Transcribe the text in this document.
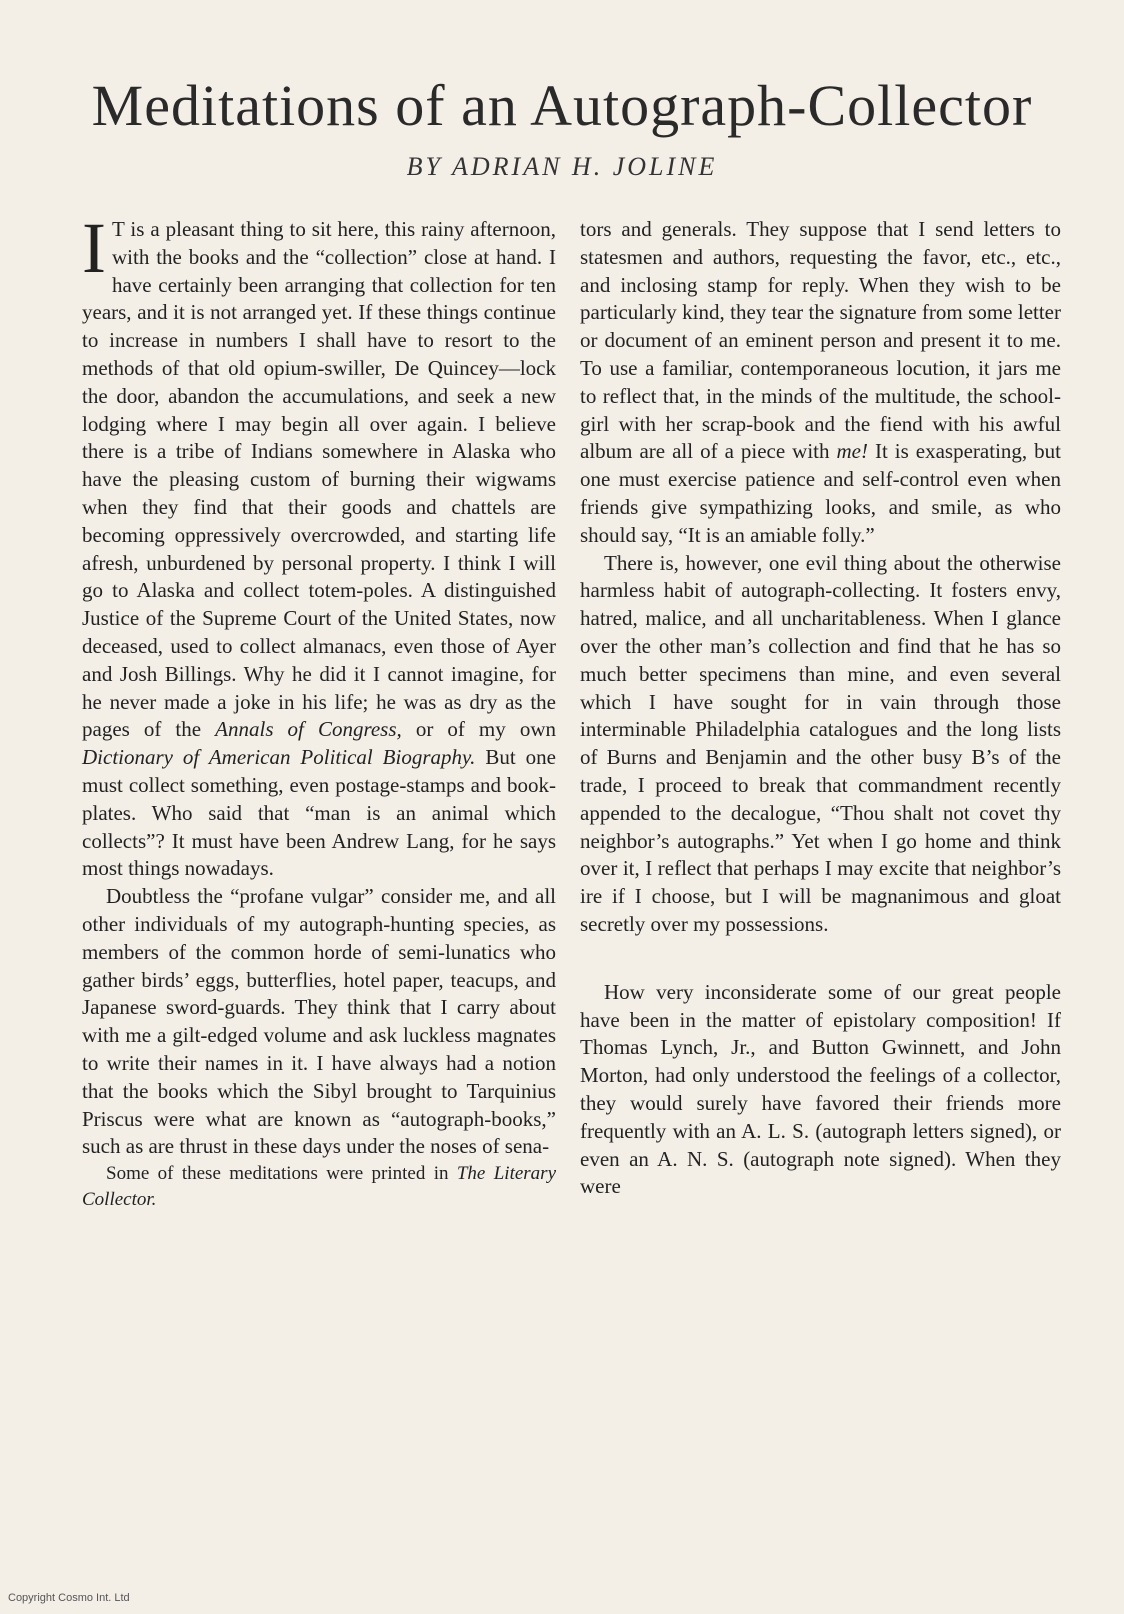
Meditations of an Autograph-Collector
BY ADRIAN H. JOLINE

I T is a pleasant thing to sit here, this rainy afternoon, with the books and the “collection” close at hand. I have certainly been arranging that collection for ten years, and it is not arranged yet. If these things continue to increase in numbers I shall have to resort to the methods of that old opium-swiller, De Quincey—lock the door, abandon the accumulations, and seek a new lodging where I may begin all over again. I believe there is a tribe of Indians somewhere in Alaska who have the pleasing custom of burning their wigwams when they find that their goods and chattels are becoming oppressively overcrowded, and starting life afresh, unburdened by personal property. I think I will go to Alaska and collect totem-poles. A distinguished Justice of the Supreme Court of the United States, now deceased, used to collect almanacs, even those of Ayer and Josh Billings. Why he did it I cannot imagine, for he never made a joke in his life; he was as dry as the pages of the Annals of Congress, or of my own Dictionary of American Political Biography. But one must collect something, even postage-stamps and book-plates. Who said that “man is an animal which collects”? It must have been Andrew Lang, for he says most things nowadays.

Doubtless the “profane vulgar” consider me, and all other individuals of my autograph-hunting species, as members of the common horde of semi-lunatics who gather birds’ eggs, butterflies, hotel paper, teacups, and Japanese sword-guards. They think that I carry about with me a gilt-edged volume and ask luckless magnates to write their names in it. I have always had a notion that the books which the Sibyl brought to Tarquinius Priscus were what are known as “autograph-books,” such as are thrust in these days under the noses of sena-

Some of these meditations were printed in The Literary Collector.

tors and generals. They suppose that I send letters to statesmen and authors, requesting the favor, etc., etc., and inclosing stamp for reply. When they wish to be particularly kind, they tear the signature from some letter or document of an eminent person and present it to me. To use a familiar, contemporaneous locution, it jars me to reflect that, in the minds of the multitude, the school-girl with her scrap-book and the fiend with his awful album are all of a piece with me! It is exasperating, but one must exercise patience and self-control even when friends give sympathizing looks, and smile, as who should say, “It is an amiable folly.”

There is, however, one evil thing about the otherwise harmless habit of autograph-collecting. It fosters envy, hatred, malice, and all uncharitableness. When I glance over the other man’s collection and find that he has so much better specimens than mine, and even several which I have sought for in vain through those interminable Philadelphia catalogues and the long lists of Burns and Benjamin and the other busy B’s of the trade, I proceed to break that commandment recently appended to the decalogue, “Thou shalt not covet thy neighbor’s autographs.” Yet when I go home and think over it, I reflect that perhaps I may excite that neighbor’s ire if I choose, but I will be magnanimous and gloat secretly over my possessions.

How very inconsiderate some of our great people have been in the matter of epistolary composition! If Thomas Lynch, Jr., and Button Gwinnett, and John Morton, had only understood the feelings of a collector, they would surely have favored their friends more frequently with an A. L. S. (autograph letters signed), or even an A. N. S. (autograph note signed). When they were

Copyright Cosmo Int. Ltd
